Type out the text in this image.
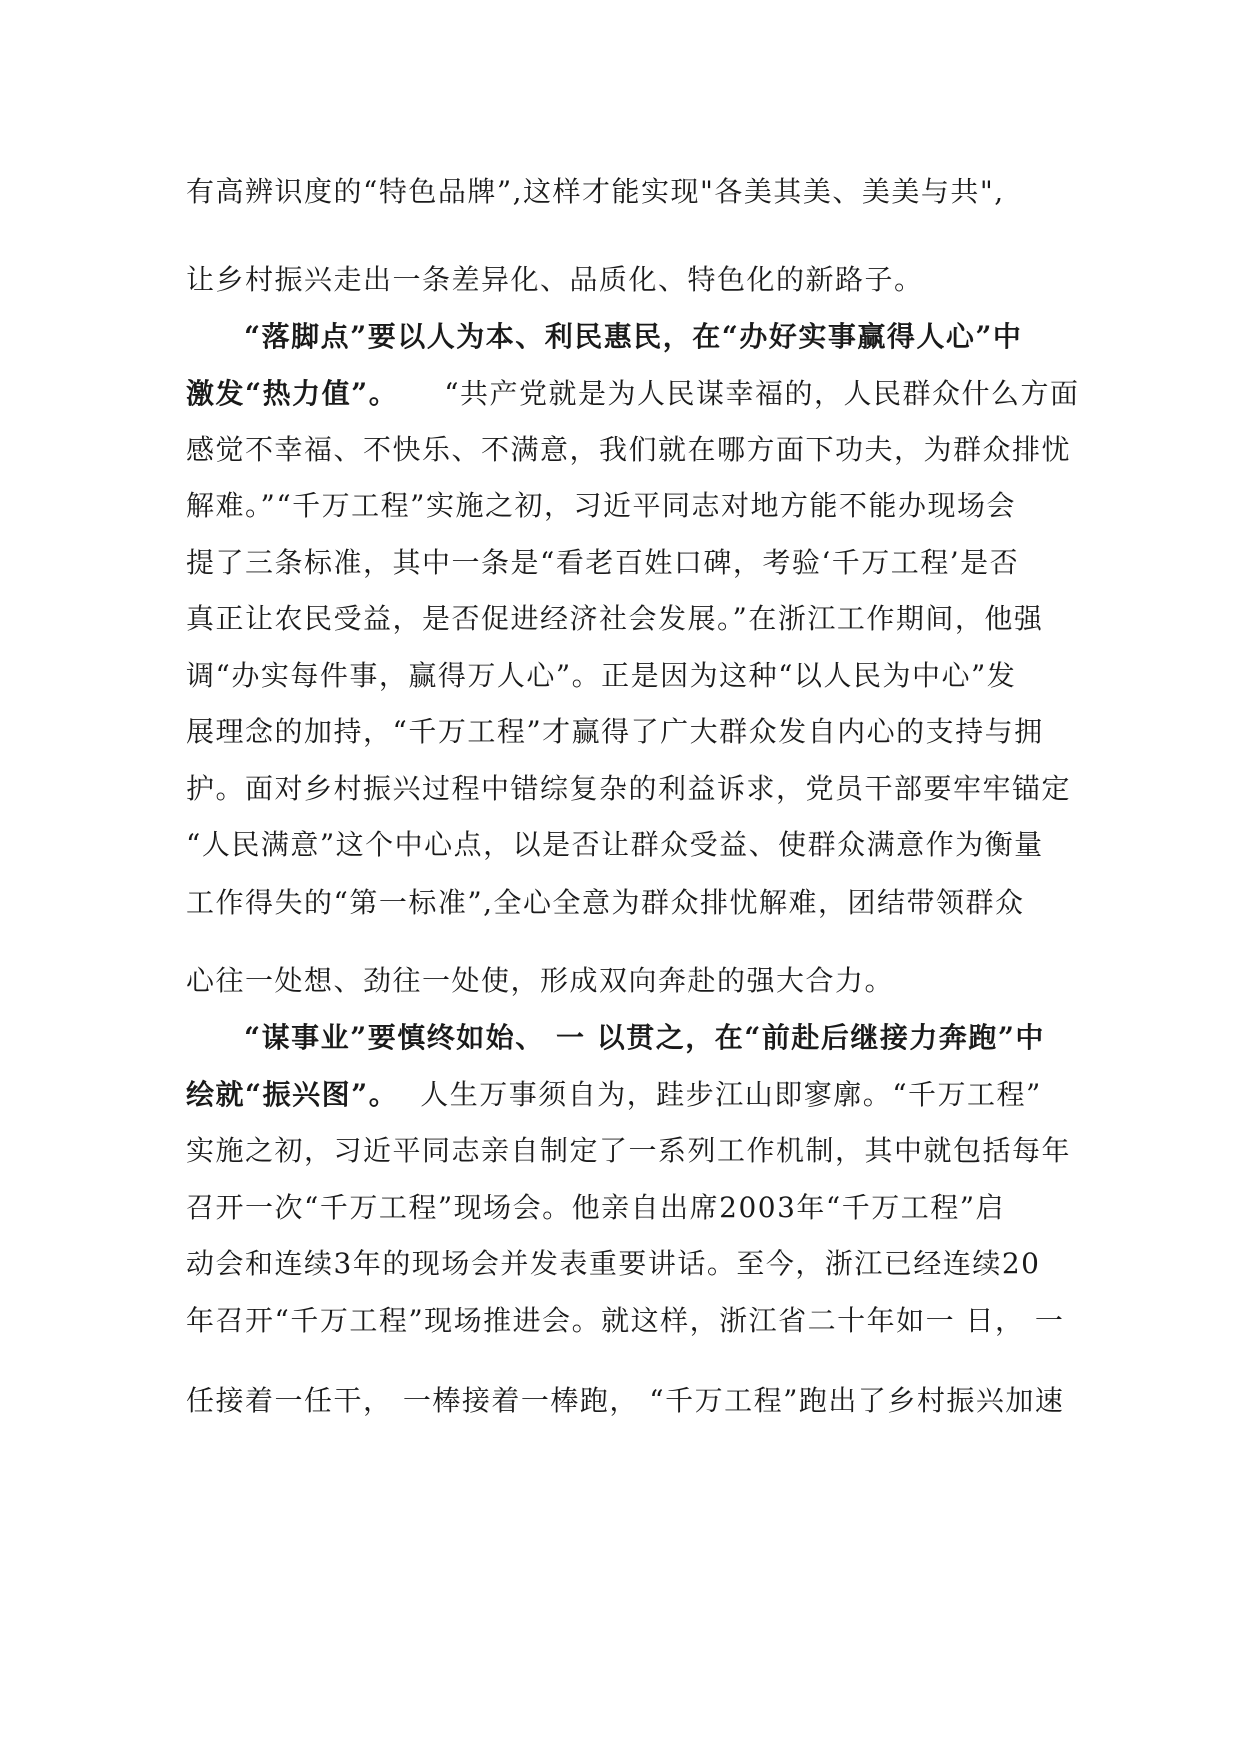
有高辨识度的“特色品牌”,这样才能实现"各美其美、美美与共",
让乡村振兴走出一条差异化、品质化、特色化的新路子。
“落脚点”要以人为本、利民惠民，在“办好实事赢得人心”中
激发“热力值”。 “共产党就是为人民谋幸福的，人民群众什么方面
感觉不幸福、不快乐、不满意，我们就在哪方面下功夫，为群众排忧
解难。”“千万工程”实施之初，习近平同志对地方能不能办现场会
提了三条标准，其中一条是“看老百姓口碑，考验‘千万工程’是否
真正让农民受益，是否促进经济社会发展。”在浙江工作期间，他强
调“办实每件事，赢得万人心”。正是因为这种“以人民为中心”发
展理念的加持，“千万工程”才赢得了广大群众发自内心的支持与拥
护。面对乡村振兴过程中错综复杂的利益诉求，党员干部要牢牢锚定
“人民满意”这个中心点，以是否让群众受益、使群众满意作为衡量
工作得失的“第一标准”,全心全意为群众排忧解难，团结带领群众
心往一处想、劲往一处使，形成双向奔赴的强大合力。
“谋事业”要慎终如始、 一 以贯之，在“前赴后继接力奔跑”中
绘就“振兴图”。 人生万事须自为，跬步江山即寥廓。“千万工程”
实施之初，习近平同志亲自制定了一系列工作机制，其中就包括每年
召开一次“千万工程”现场会。他亲自出席2003年“千万工程”启
动会和连续3年的现场会并发表重要讲话。至今，浙江已经连续20
年召开“千万工程”现场推进会。就这样，浙江省二十年如一 日， 一
任接着一任干， 一棒接着一棒跑， “千万工程”跑出了乡村振兴加速
